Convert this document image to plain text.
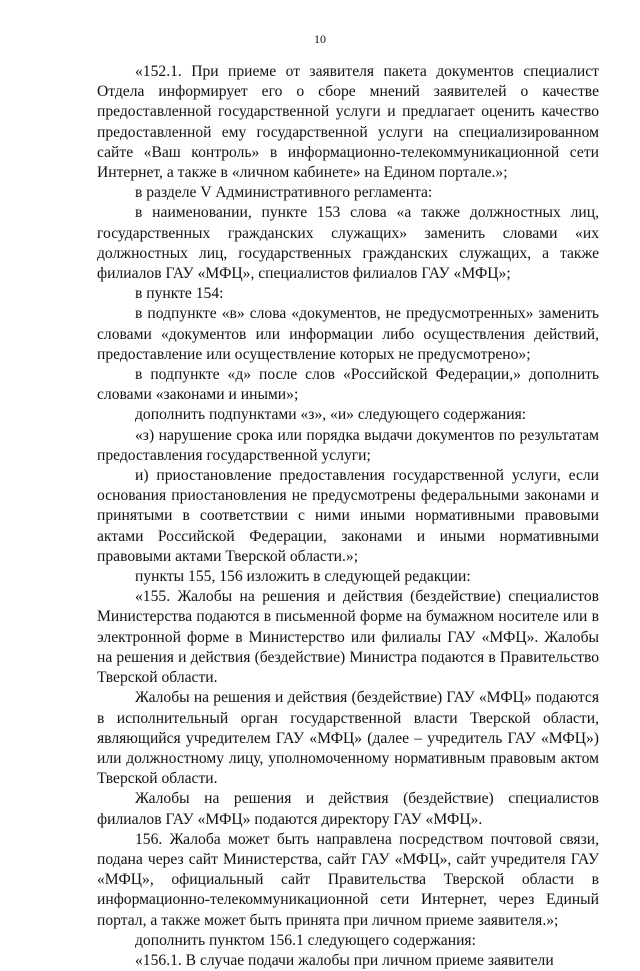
10

«152.1. При приеме от заявителя пакета документов специалист Отдела информирует его о сборе мнений заявителей о качестве предоставленной государственной услуги и предлагает оценить качество предоставленной ему государственной услуги на специализированном сайте «Ваш контроль» в информационно-телекоммуникационной сети Интернет, а также в «личном кабинете» на Едином портале.»;

в разделе V Административного регламента:

в наименовании, пункте 153 слова «а также должностных лиц, государственных гражданских служащих» заменить словами «их должностных лиц, государственных гражданских служащих, а также филиалов ГАУ «МФЦ», специалистов филиалов ГАУ «МФЦ»;

в пункте 154:

в подпункте «в» слова «документов, не предусмотренных» заменить словами «документов или информации либо осуществления действий, предоставление или осуществление которых не предусмотрено»;

в подпункте «д» после слов «Российской Федерации,» дополнить словами «законами и иными»;

дополнить подпунктами «з», «и» следующего содержания:

«з) нарушение срока или порядка выдачи документов по результатам предоставления государственной услуги;

и) приостановление предоставления государственной услуги, если основания приостановления не предусмотрены федеральными законами и принятыми в соответствии с ними иными нормативными правовыми актами Российской Федерации, законами и иными нормативными правовыми актами Тверской области.»;

пункты 155, 156 изложить в следующей редакции:

«155. Жалобы на решения и действия (бездействие) специалистов Министерства подаются в письменной форме на бумажном носителе или в электронной форме в Министерство или филиалы ГАУ «МФЦ». Жалобы на решения и действия (бездействие) Министра подаются в Правительство Тверской области.

Жалобы на решения и действия (бездействие) ГАУ «МФЦ» подаются в исполнительный орган государственной власти Тверской области, являющийся учредителем ГАУ «МФЦ» (далее – учредитель ГАУ «МФЦ») или должностному лицу, уполномоченному нормативным правовым актом Тверской области.

Жалобы на решения и действия (бездействие) специалистов филиалов ГАУ «МФЦ» подаются директору ГАУ «МФЦ».

156. Жалоба может быть направлена посредством почтовой связи, подана через сайт Министерства, сайт ГАУ «МФЦ», сайт учредителя ГАУ «МФЦ», официальный сайт Правительства Тверской области в информационно-телекоммуникационной сети Интернет, через Единый портал, а также может быть принята при личном приеме заявителя.»;

дополнить пунктом 156.1 следующего содержания:

«156.1. В случае подачи жалобы при личном приеме заявители
